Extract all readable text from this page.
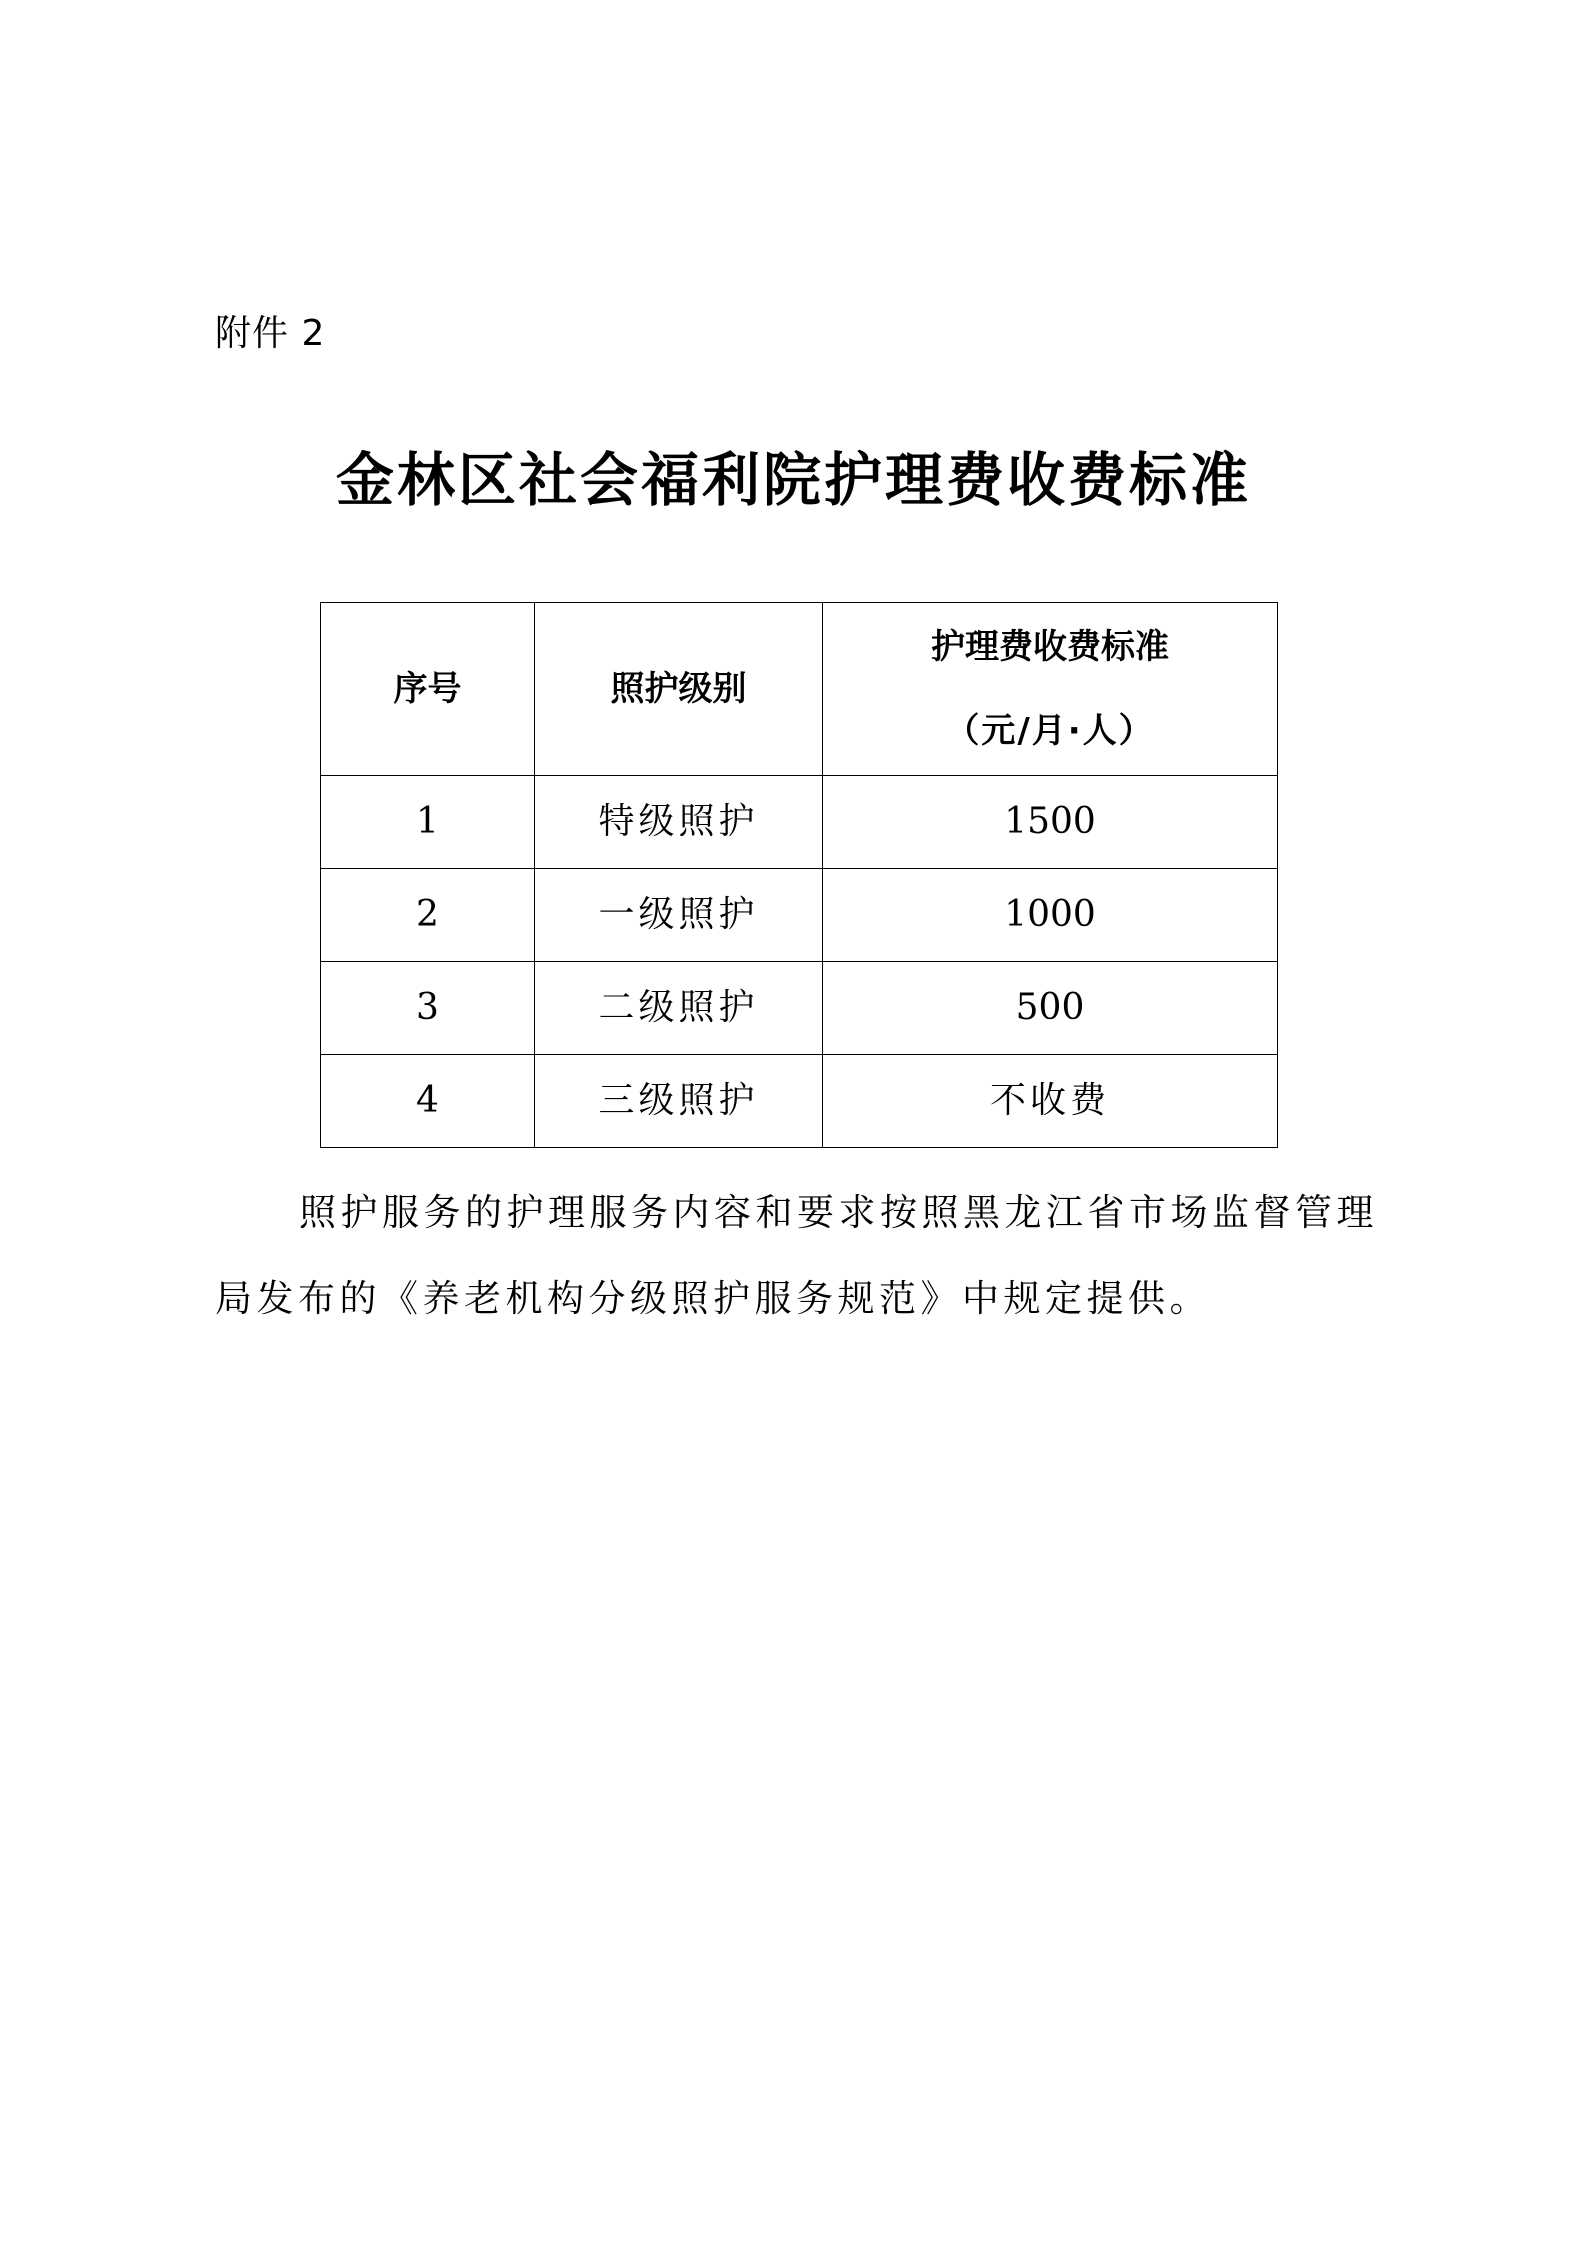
附件 2
金林区社会福利院护理费收费标准
序号	照护级别	护理费收费标准
（元/月·人）

1	特级照护	1500
2	一级照护	1000
3	二级照护	500
4	三级照护	不收费

照护服务的护理服务内容和要求按照黑龙江省市场监督管理局发布的《养老机构分级照护服务规范》中规定提供。
